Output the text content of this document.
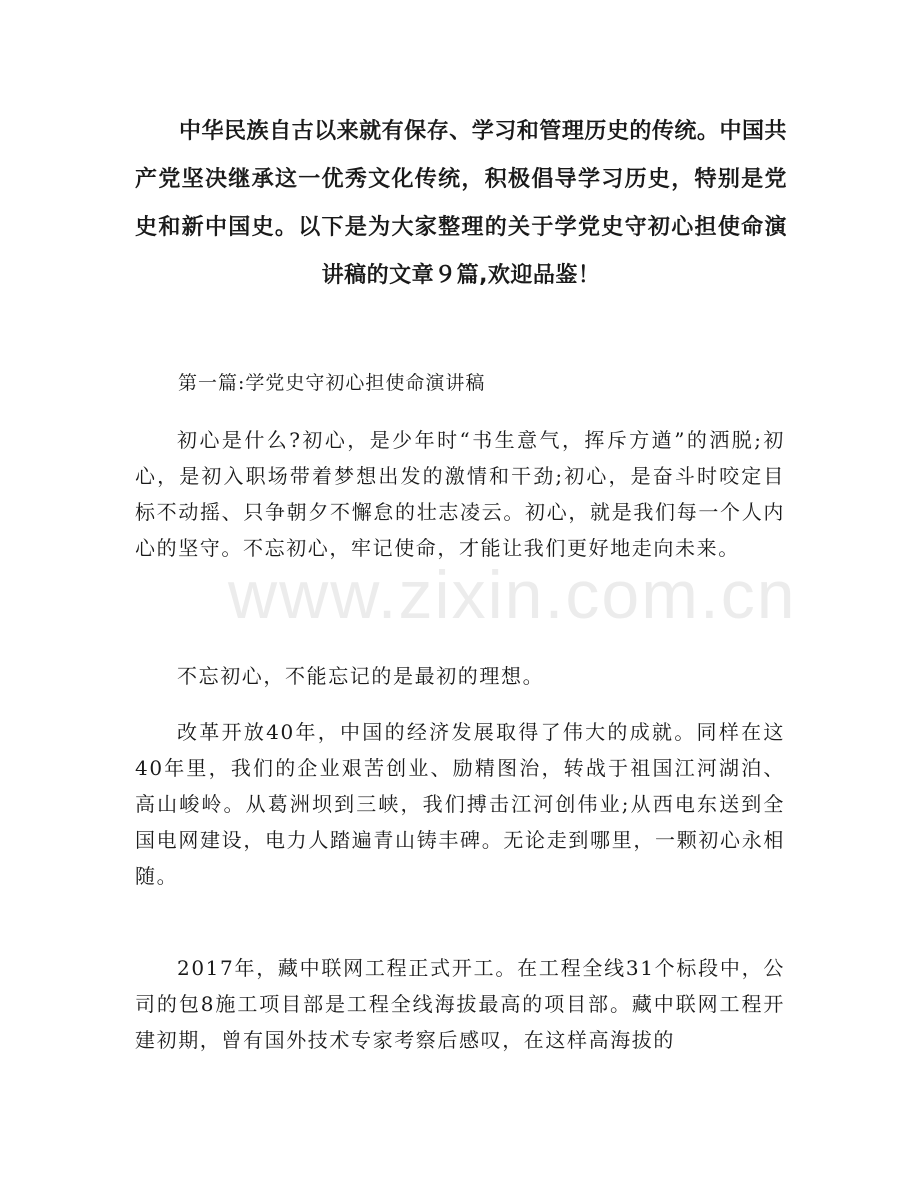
www.zixin.com.cn
中华民族自古以来就有保存、学习和管理历史的传统。中国共产党坚决继承这一优秀文化传统，积极倡导学习历史，特别是党史和新中国史。以下是为大家整理的关于学党史守初心担使命演讲稿的文章９篇,欢迎品鉴！
第一篇:学党史守初心担使命演讲稿

初心是什么?初心，是少年时“书生意气，挥斥方遒”的洒脱;初心，是初入职场带着梦想出发的激情和干劲;初心，是奋斗时咬定目标不动摇、只争朝夕不懈怠的壮志凌云。初心，就是我们每一个人内心的坚守。不忘初心，牢记使命，才能让我们更好地走向未来。

不忘初心，不能忘记的是最初的理想。

改革开放40年，中国的经济发展取得了伟大的成就。同样在这40年里，我们的企业艰苦创业、励精图治，转战于祖国江河湖泊、高山峻岭。从葛洲坝到三峡，我们搏击江河创伟业;从西电东送到全国电网建设，电力人踏遍青山铸丰碑。无论走到哪里，一颗初心永相随。

2017年，藏中联网工程正式开工。在工程全线31个标段中，公司的包8施工项目部是工程全线海拔最高的项目部。藏中联网工程开建初期，曾有国外技术专家考察后感叹，在这样高海拔的
